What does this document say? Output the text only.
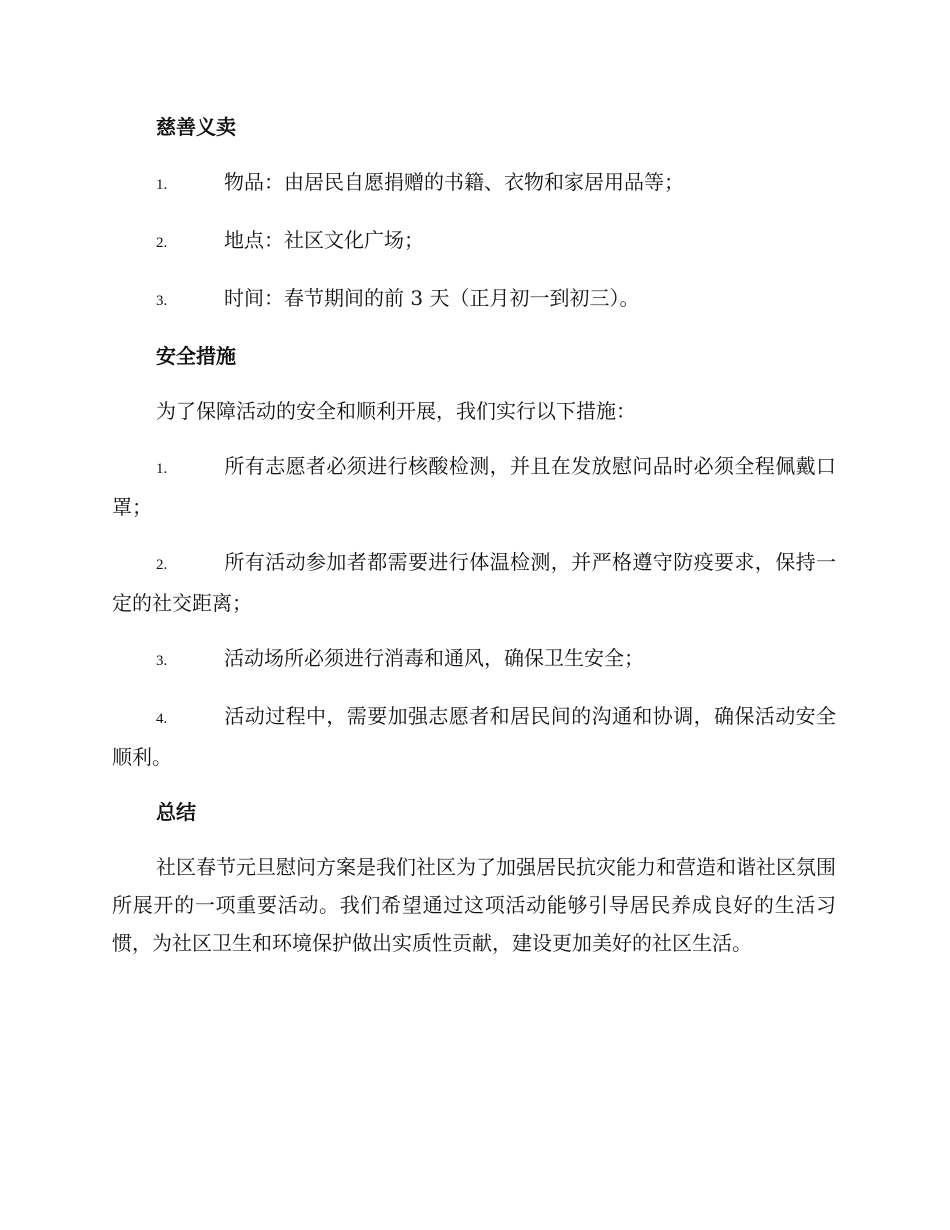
慈善义卖
1.	物品：由居民自愿捐赠的书籍、衣物和家居用品等；
2.	地点：社区文化广场；
3.	时间：春节期间的前 3 天（正月初一到初三）。
安全措施
为了保障活动的安全和顺利开展，我们实行以下措施：
1.	所有志愿者必须进行核酸检测，并且在发放慰问品时必须全程佩戴口罩；
2.	所有活动参加者都需要进行体温检测，并严格遵守防疫要求，保持一定的社交距离；
3.	活动场所必须进行消毒和通风，确保卫生安全；
4.	活动过程中，需要加强志愿者和居民间的沟通和协调，确保活动安全顺利。
总结
社区春节元旦慰问方案是我们社区为了加强居民抗灾能力和营造和谐社区氛围所展开的一项重要活动。我们希望通过这项活动能够引导居民养成良好的生活习惯，为社区卫生和环境保护做出实质性贡献，建设更加美好的社区生活。
